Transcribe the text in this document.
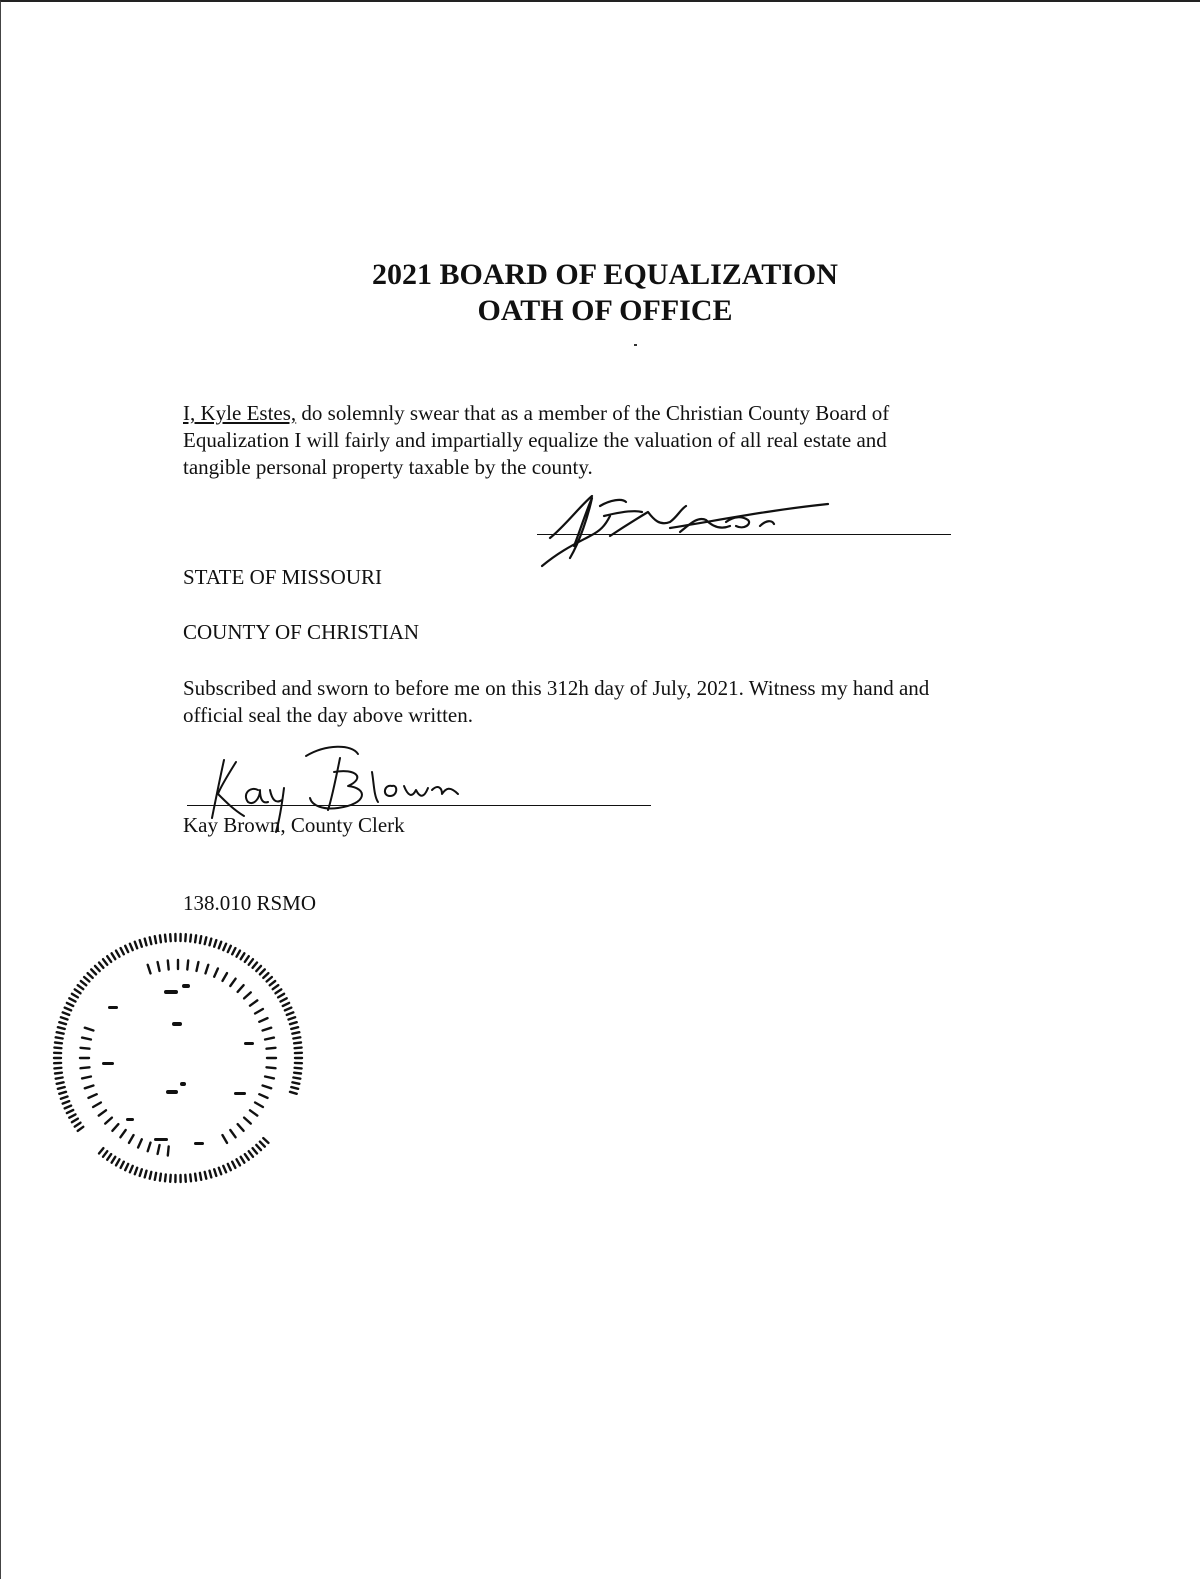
2021 BOARD OF EQUALIZATION
OATH OF OFFICE
I, Kyle Estes, do solemnly swear that as a member of the Christian County Board of
Equalization I will fairly and impartially equalize the valuation of all real estate and
tangible personal property taxable by the county.
STATE OF MISSOURI
COUNTY OF CHRISTIAN
Subscribed and sworn to before me on this 312h day of July, 2021. Witness my hand and
official seal the day above written.
Kay Brown, County Clerk
138.010 RSMO
